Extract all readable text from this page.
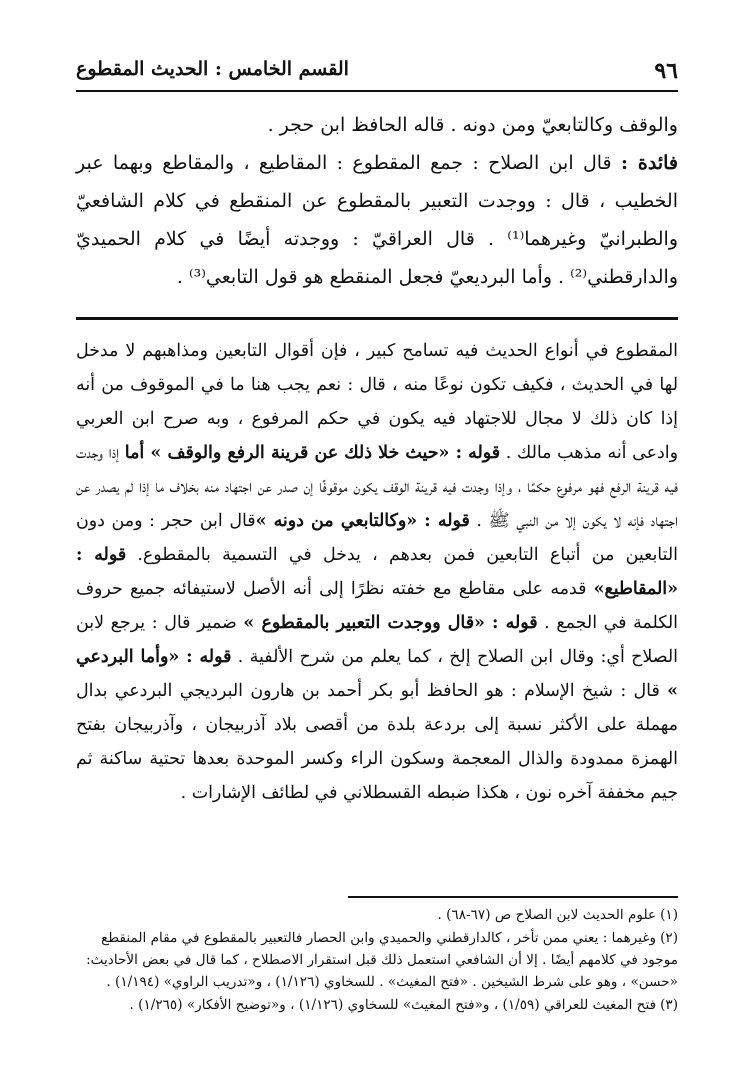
٩٦
القسم الخامس : الحديث المقطوع

والوقف وكالتابعيّ ومن دونه . قاله الحافظ ابن حجر .

فائدة : قال ابن الصلاح : جمع المقطوع : المقاطيع ، والمقاطع وبهما عبر الخطيب ، قال : ووجدت التعبير بالمقطوع عن المنقطع في كلام الشافعيّ والطبرانيّ وغيرهما⁽¹⁾ . قال العراقيّ : ووجدته أيضًا في كلام الحميديّ والدارقطني⁽²⁾ . وأما البرديعيّ فجعل المنقطع هو قول التابعي⁽³⁾ .

المقطوع في أنواع الحديث فيه تسامح كبير ، فإن أقوال التابعين ومذاهبهم لا مدخل لها في الحديث ، فكيف تكون نوعًا منه ، قال : نعم يجب هنا ما في الموقوف من أنه إذا كان ذلك لا مجال للاجتهاد فيه يكون في حكم المرفوع ، وبه صرح ابن العربي وادعى أنه مذهب مالك . قوله : «حيث خلا ذلك عن قرينة الرفع والوقف » أما إذا وجدت فيه قرينة الرفع فهو مرفوع حكمًا ، وإذا وجدت فيه قرينة الوقف يكون موقوفًا إن صدر عن اجتهاد منه بخلاف ما إذا لم يصدر عن اجتهاد فإنه لا يكون إلا من النبي ﷺ . قوله : «وكالتابعي من دونه »قال ابن حجر : ومن دون التابعين من أتباع التابعين فمن بعدهم ، يدخل في التسمية بالمقطوع. قوله : «المقاطيع» قدمه على مقاطع مع خفته نظرًا إلى أنه الأصل لاستيفائه جميع حروف الكلمة في الجمع . قوله : «قال ووجدت التعبير بالمقطوع » ضمير قال : يرجع لابن الصلاح أي: وقال ابن الصلاح إلخ ، كما يعلم من شرح الألفية . قوله : «وأما البردعي » قال : شيخ الإسلام : هو الحافظ أبو بكر أحمد بن هارون البرديجي البردعي بدال مهملة على الأكثر نسبة إلى بردعة بلدة من أقصى بلاد آذربيجان ، وآذربيجان بفتح الهمزة ممدودة والذال المعجمة وسكون الراء وكسر الموحدة بعدها تحتية ساكنة ثم جيم مخففة آخره نون ، هكذا ضبطه القسطلاني في لطائف الإشارات .

(١)علوم الحديث لابن الصلاح ص (٦٧-٦٨) .

(٢)وغيرهما : يعني ممن تأخر ، كالدارقطني والحميدي وابن الحصار فالتعبير بالمقطوع في مقام المنقطع موجود في كلامهم أيضًا . إلا أن الشافعي استعمل ذلك قبل استقرار الاصطلاح ، كما قال في بعض الأحاديث: «حسن» ، وهو على شرط الشيخين . «فتح المغيث» . للسخاوي (١/١٢٦) ، و«تدريب الراوي» (١/١٩٤) .

(٣)فتح المغيث للعراقي (١/٥٩) ، و«فتح المغيث» للسخاوي (١/١٢٦) ، و«توضيح الأفكار» (١/٢٦٥) .
